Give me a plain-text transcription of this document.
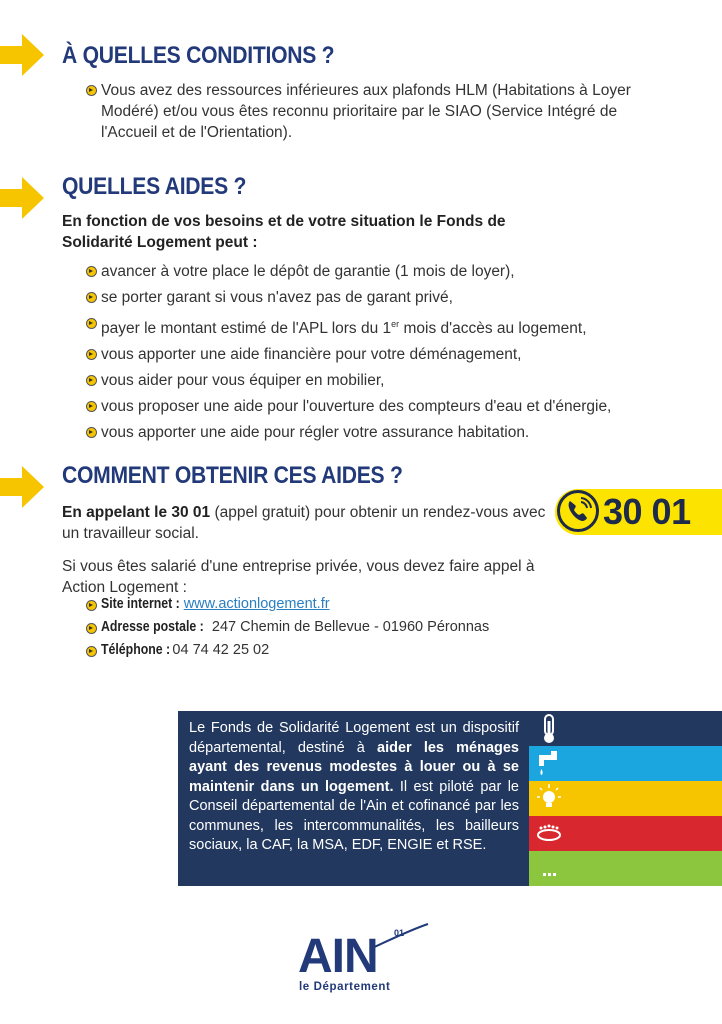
À QUELLES CONDITIONS ?
Vous avez des ressources inférieures aux plafonds HLM (Habitations à Loyer Modéré) et/ou vous êtes reconnu prioritaire par le SIAO (Service Intégré de l'Accueil et de l'Orientation).
QUELLES AIDES ?
En fonction de vos besoins et de votre situation le Fonds de Solidarité Logement peut :
avancer à votre place le dépôt de garantie (1 mois de loyer),
se porter garant si vous n'avez pas de garant privé,
payer le montant estimé de l'APL lors du 1er mois d'accès au logement,
vous apporter une aide financière pour votre déménagement,
vous aider pour vous équiper en mobilier,
vous proposer une aide pour l'ouverture des compteurs d'eau et d'énergie,
vous apporter une aide pour régler votre assurance habitation.
COMMENT OBTENIR CES AIDES ?
En appelant le 30 01 (appel gratuit) pour obtenir un rendez-vous avec un travailleur social.
30 01
Si vous êtes salarié d'une entreprise privée, vous devez faire appel à Action Logement :
Site internet : www.actionlogement.fr
Adresse postale : 247 Chemin de Bellevue - 01960 Péronnas
Téléphone : 04 74 42 25 02
Le Fonds de Solidarité Logement est un dispositif départemental, destiné à aider les ménages ayant des revenus modestes à louer ou à se maintenir dans un logement. Il est piloté par le Conseil départemental de l'Ain et cofinancé par les communes, les intercommunalités, les bailleurs sociaux, la CAF, la MSA, EDF, ENGIE et RSE.
AIN 01
le Département
